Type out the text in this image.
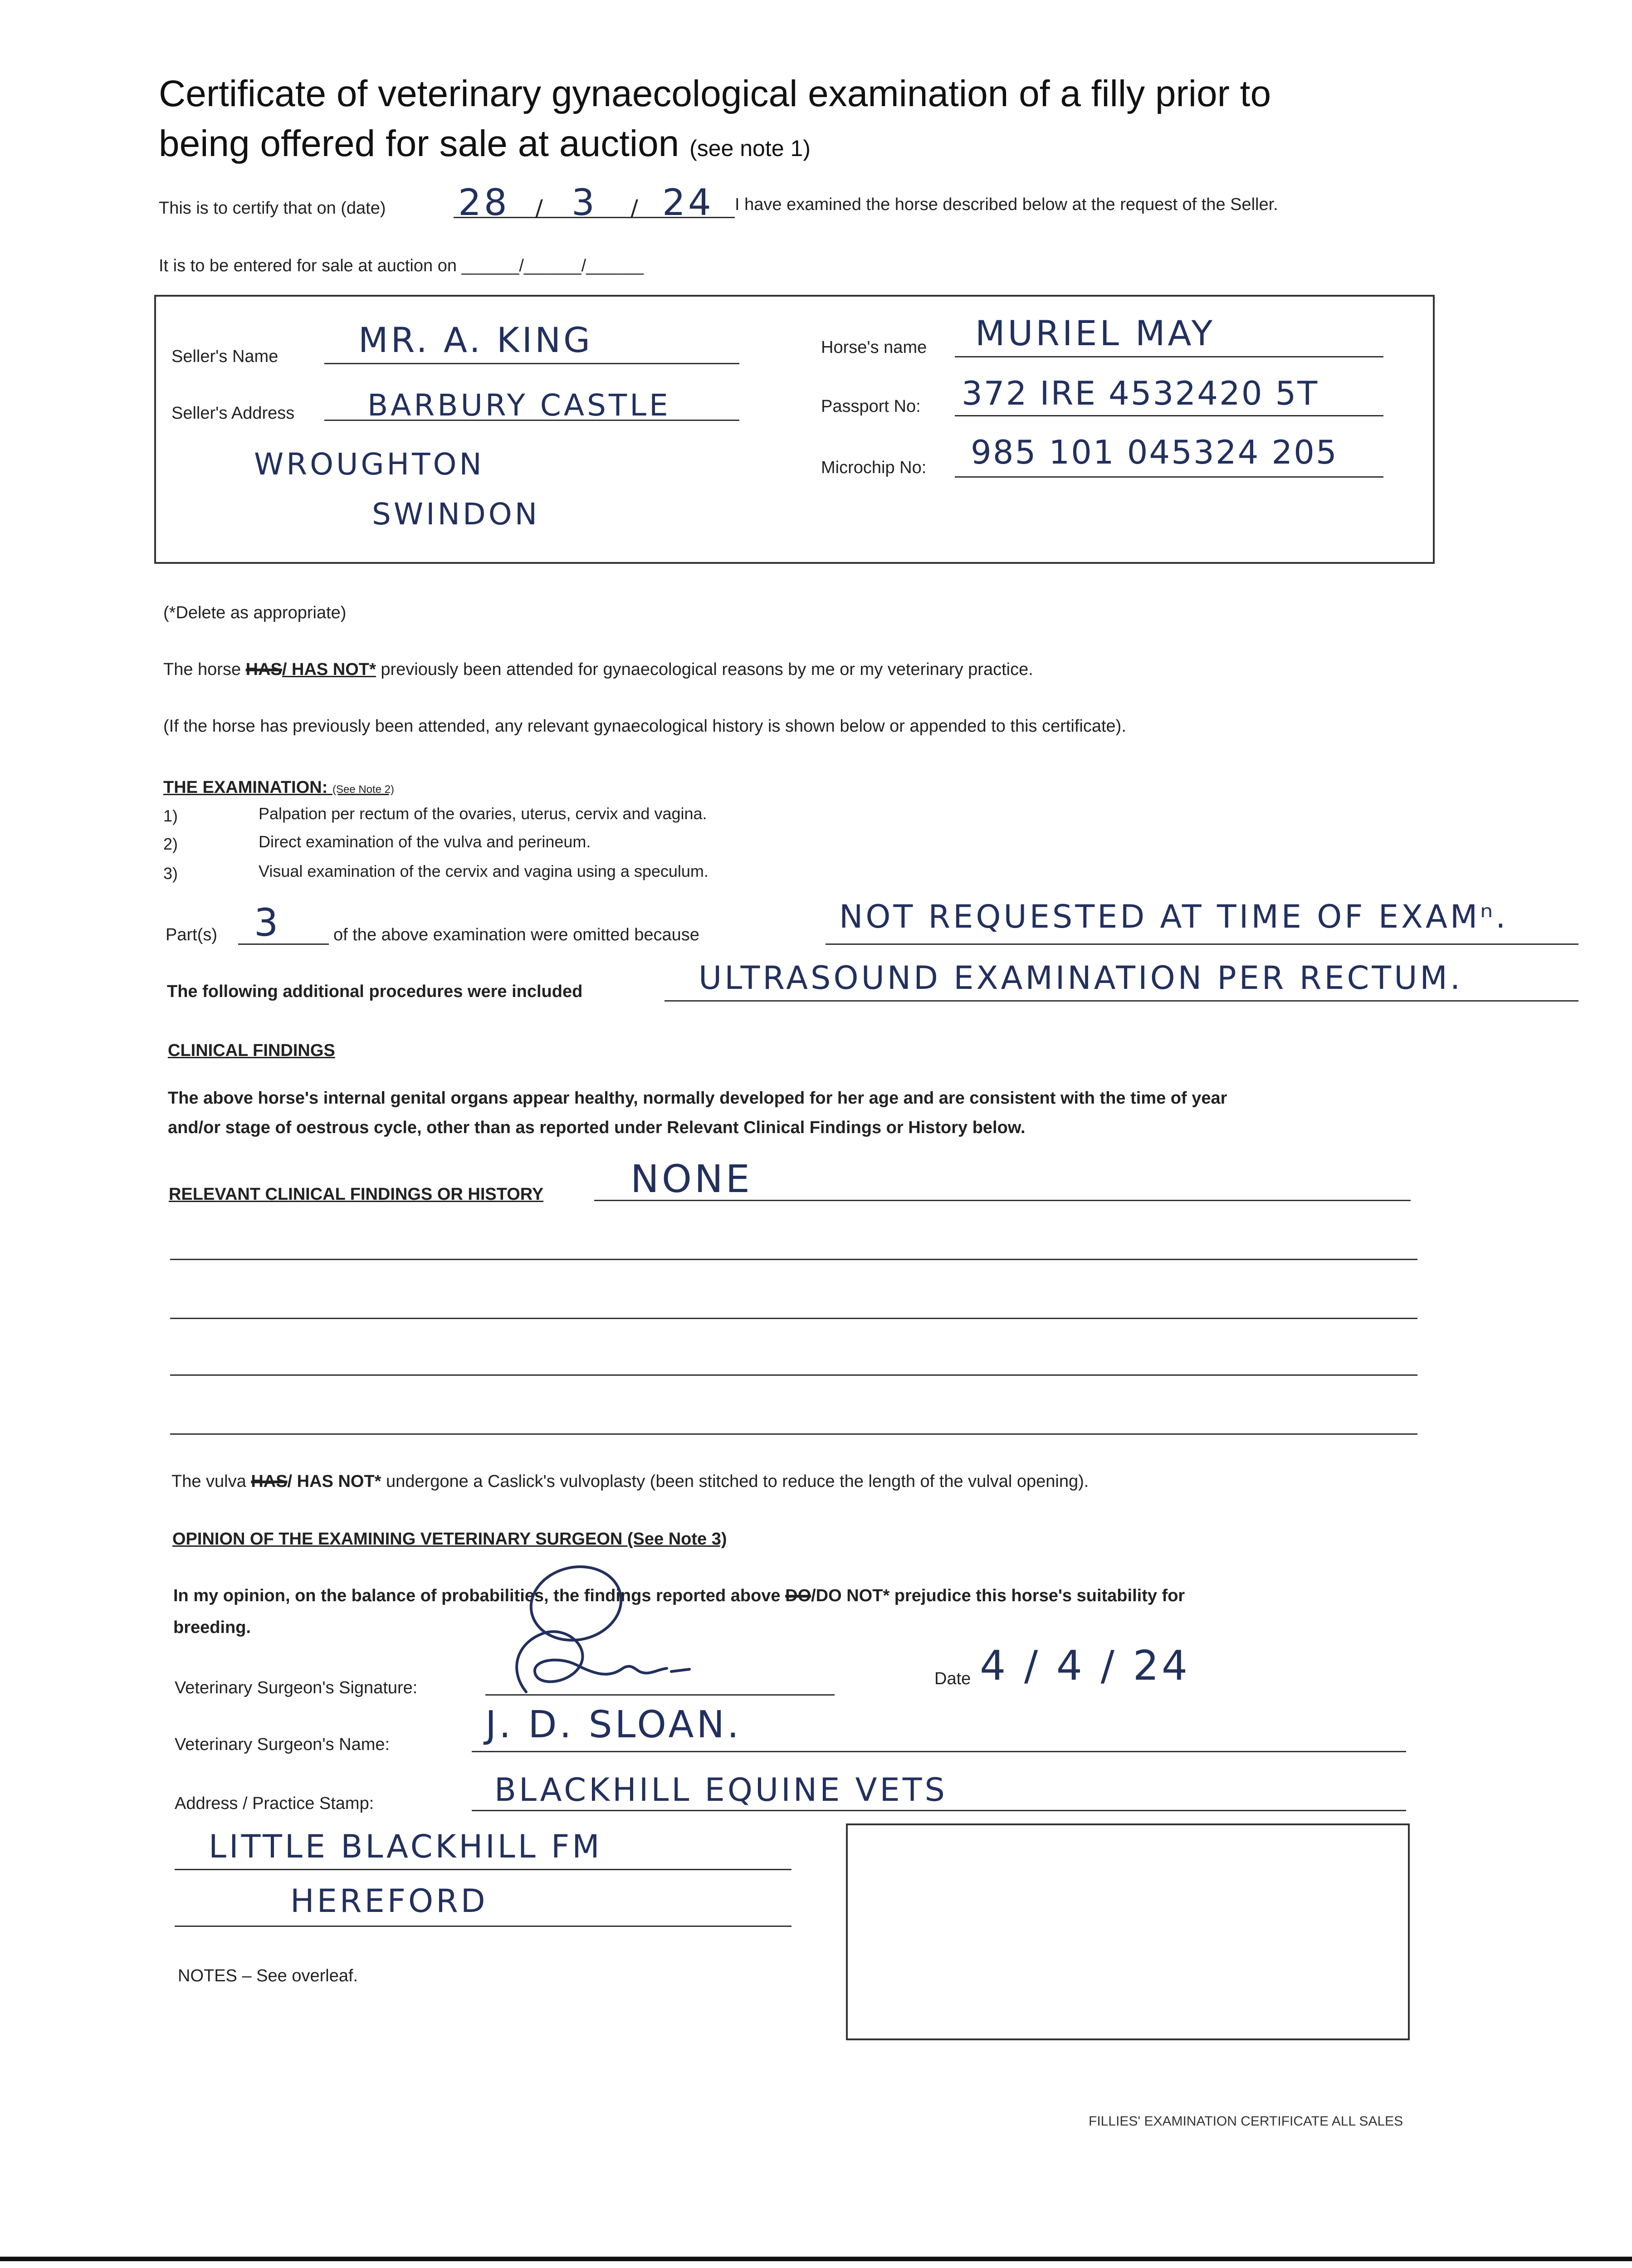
Certificate of veterinary gynaecological examination of a filly prior to
being offered for sale at auction (see note 1)
This is to certify that on (date) 28 / 3 / 24 I have examined the horse described below at the request of the Seller.
It is to be entered for sale at auction on ______/______/______
Seller's Name MR. A. KING
Seller's Address BARBURY CASTLE
WROUGHTON
SWINDON
Horse's name MURIEL MAY
Passport No: 372 IRE 4532420 5T
Microchip No: 985 101 045324 205
(*Delete as appropriate)
The horse HAS/ HAS NOT* previously been attended for gynaecological reasons by me or my veterinary practice.
(If the horse has previously been attended, any relevant gynaecological history is shown below or appended to this certificate).
THE EXAMINATION: (See Note 2)
1)	Palpation per rectum of the ovaries, uterus, cervix and vagina.
2)	Direct examination of the vulva and perineum.
3)	Visual examination of the cervix and vagina using a speculum.
Part(s) 3	of the above examination were omitted because	NOT REQUESTED AT TIME OF EXAMⁿ.
The following additional procedures were included	ULTRASOUND EXAMINATION PER RECTUM.
CLINICAL FINDINGS
The above horse's internal genital organs appear healthy, normally developed for her age and are consistent with the time of year
and/or stage of oestrous cycle, other than as reported under Relevant Clinical Findings or History below.
RELEVANT CLINICAL FINDINGS OR HISTORY NONE
The vulva HAS/ HAS NOT* undergone a Caslick's vulvoplasty (been stitched to reduce the length of the vulval opening).
OPINION OF THE EXAMINING VETERINARY SURGEON (See Note 3)
In my opinion, on the balance of probabilities, the findings reported above DO/DO NOT* prejudice this horse's suitability for
breeding.
Veterinary Surgeon's Signature:	Date 4 / 4 / 24
Veterinary Surgeon's Name:	J. D. SLOAN.
Address / Practice Stamp:	BLACKHILL EQUINE VETS
LITTLE BLACKHILL FM
HEREFORD
NOTES – See overleaf.
FILLIES' EXAMINATION CERTIFICATE ALL SALES
